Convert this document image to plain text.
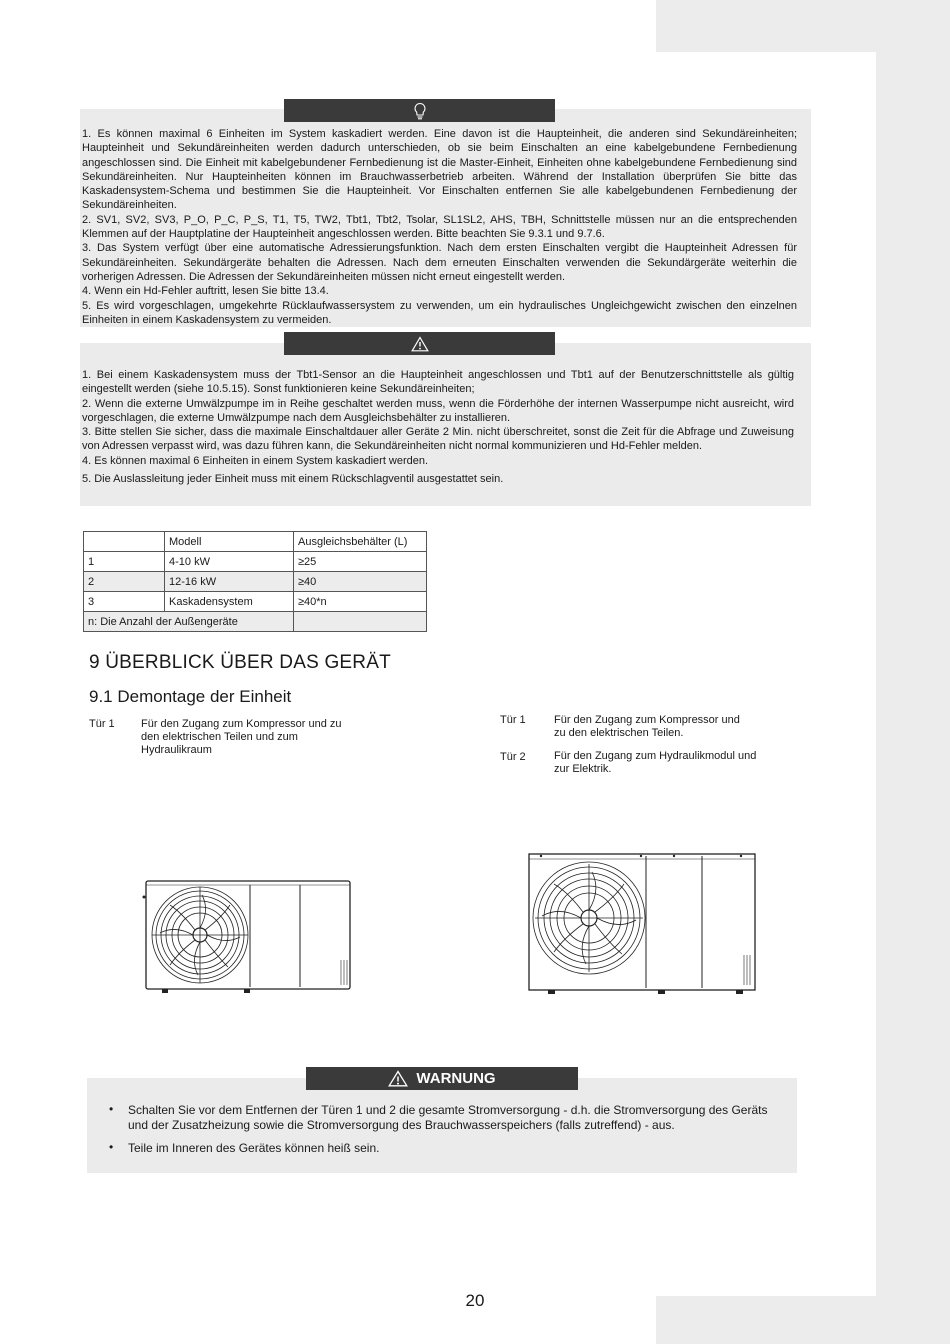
1. Es können maximal 6 Einheiten im System kaskadiert werden. Eine davon ist die Haupteinheit, die anderen sind Sekundäreinheiten; Haupteinheit und Sekundäreinheiten werden dadurch unterschieden, ob sie beim Einschalten an eine kabelgebundene Fernbedienung angeschlossen sind. Die Einheit mit kabelgebundener Fernbedienung ist die Master-Einheit, Einheiten ohne kabelgebundene Fernbedienung sind Sekundäreinheiten. Nur Haupteinheiten können im Brauchwasserbetrieb arbeiten. Während der Installation überprüfen Sie bitte das Kaskadensystem-Schema und bestimmen Sie die Haupteinheit. Vor Einschalten entfernen Sie alle kabelgebundenen Fernbedienung der Sekundäreinheiten.

2. SV1, SV2, SV3, P_O, P_C, P_S, T1, T5, TW2, Tbt1, Tbt2, Tsolar, SL1SL2, AHS, TBH, Schnittstelle müssen nur an die entsprechenden Klemmen auf der Hauptplatine der Haupteinheit angeschlossen werden. Bitte beachten Sie 9.3.1 und 9.7.6.

3. Das System verfügt über eine automatische Adressierungsfunktion. Nach dem ersten Einschalten vergibt die Haupteinheit Adressen für Sekundäreinheiten. Sekundärgeräte behalten die Adressen. Nach dem erneuten Einschalten verwenden die Sekundärgeräte weiterhin die vorherigen Adressen. Die Adressen der Sekundäreinheiten müssen nicht erneut eingestellt werden.

4. Wenn ein Hd-Fehler auftritt, lesen Sie bitte 13.4.

5. Es wird vorgeschlagen, umgekehrte Rücklaufwassersystem zu verwenden, um ein hydraulisches Ungleichgewicht zwischen den einzelnen Einheiten in einem Kaskadensystem zu vermeiden.

1. Bei einem Kaskadensystem muss der Tbt1-Sensor an die Haupteinheit angeschlossen und Tbt1 auf der Benutzerschnittstelle als gültig eingestellt werden (siehe 10.5.15). Sonst funktionieren keine Sekundäreinheiten;

2. Wenn die externe Umwälzpumpe im in Reihe geschaltet werden muss, wenn die Förderhöhe der internen Wasserpumpe nicht ausreicht, wird vorgeschlagen, die externe Umwälzpumpe nach dem Ausgleichsbehälter zu installieren.

3. Bitte stellen Sie sicher, dass die maximale Einschaltdauer aller Geräte 2 Min. nicht überschreitet, sonst die Zeit für die Abfrage und Zuweisung von Adressen verpasst wird, was dazu führen kann, die Sekundäreinheiten nicht normal kommunizieren und Hd-Fehler melden.

4. Es können maximal 6 Einheiten in einem System kaskadiert werden.

5. Die Auslassleitung jeder Einheit muss mit einem Rückschlagventil ausgestattet sein.

	Modell	Ausgleichsbehälter (L)
1	4-10 kW	≥25
2	12-16 kW	≥40
3	Kaskadensystem	≥40*n
n: Die Anzahl der Außengeräte		
9 ÜBERBLICK ÜBER DAS GERÄT
9.1 Demontage der Einheit
Tür 1 Für den Zugang zum Kompressor und zu
den elektrischen Teilen und zum
Hydraulikraum
Tür 1	Für den Zugang zum Kompressor und
zu den elektrischen Teilen.
Tür 2	Für den Zugang zum Hydraulikmodul und
zur Elektrik.
WARNUNG
• Schalten Sie vor dem Entfernen der Türen 1 und 2 die gesamte Stromversorgung - d.h. die Stromversorgung des Geräts und der Zusatzheizung sowie die Stromversorgung des Brauchwasserspeichers (falls zutreffend) - aus.
• Teile im Inneren des Gerätes können heiß sein.
20
